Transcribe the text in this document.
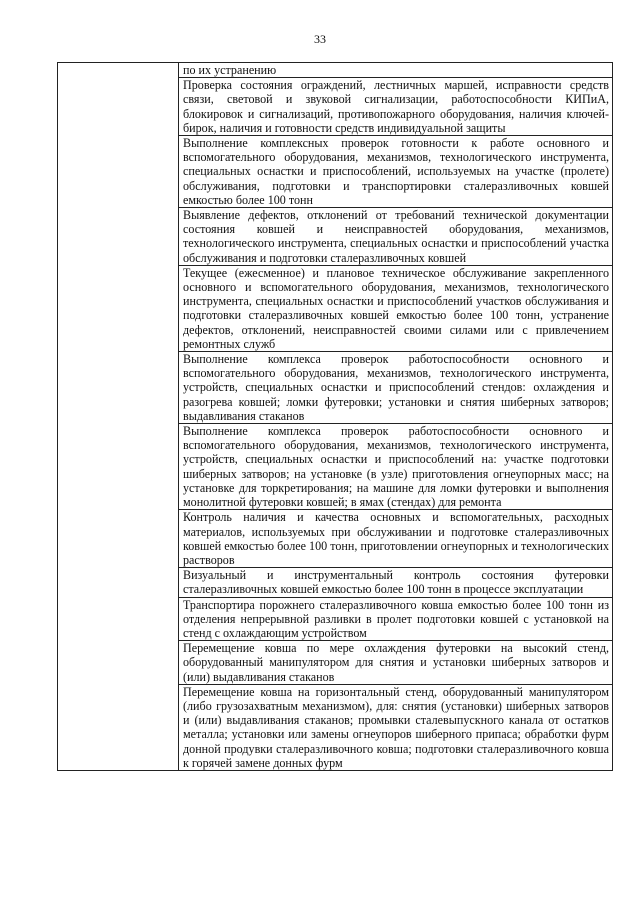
33
	по их устранению
Проверка состояния ограждений, лестничных маршей, исправности средств связи, световой и звуковой сигнализации, работоспособности КИПиА, блокировок и сигнализаций, противопожарного оборудования, наличия ключей-бирок, наличия и готовности средств индивидуальной защиты
Выполнение комплексных проверок готовности к работе основного и вспомогательного оборудования, механизмов, технологического инструмента, специальных оснастки и приспособлений, используемых на участке (пролете) обслуживания, подготовки и транспортировки сталеразливочных ковшей емкостью более 100 тонн
Выявление дефектов, отклонений от требований технической документации состояния ковшей и неисправностей оборудования, механизмов, технологического инструмента, специальных оснастки и приспособлений участка обслуживания и подготовки сталеразливочных ковшей
Текущее (ежесменное) и плановое техническое обслуживание закрепленного основного и вспомогательного оборудования, механизмов, технологического инструмента, специальных оснастки и приспособлений участков обслуживания и подготовки сталеразливочных ковшей емкостью более 100 тонн, устранение дефектов, отклонений, неисправностей своими силами или с привлечением ремонтных служб
Выполнение комплекса проверок работоспособности основного и вспомогательного оборудования, механизмов, технологического инструмента, устройств, специальных оснастки и приспособлений стендов: охлаждения и разогрева ковшей; ломки футеровки; установки и снятия шиберных затворов; выдавливания стаканов
Выполнение комплекса проверок работоспособности основного и вспомогательного оборудования, механизмов, технологического инструмента, устройств, специальных оснастки и приспособлений на: участке подготовки шиберных затворов; на установке (в узле) приготовления огнеупорных масс; на установке для торкретирования; на машине для ломки футеровки и выполнения монолитной футеровки ковшей; в ямах (стендах) для ремонта
Контроль наличия и качества основных и вспомогательных, расходных материалов, используемых при обслуживании и подготовке сталеразливочных ковшей емкостью более 100 тонн, приготовлении огнеупорных и технологических растворов
Визуальный и инструментальный контроль состояния футеровки сталеразливочных ковшей емкостью более 100 тонн в процессе эксплуатации
Транспортира порожнего сталеразливочного ковша емкостью более 100 тонн из отделения непрерывной разливки в пролет подготовки ковшей с установкой на стенд с охлаждающим устройством
Перемещение ковша по мере охлаждения футеровки на высокий стенд, оборудованный манипулятором для снятия и установки шиберных затворов и (или) выдавливания стаканов
Перемещение ковша на горизонтальный стенд, оборудованный манипулятором (либо грузозахватным механизмом), для: снятия (установки) шиберных затворов и (или) выдавливания стаканов; промывки сталевыпускного канала от остатков металла; установки или замены огнеупоров шиберного припаса; обработки фурм донной продувки сталеразливочного ковша; подготовки сталеразливочного ковша к горячей замене донных фурм
